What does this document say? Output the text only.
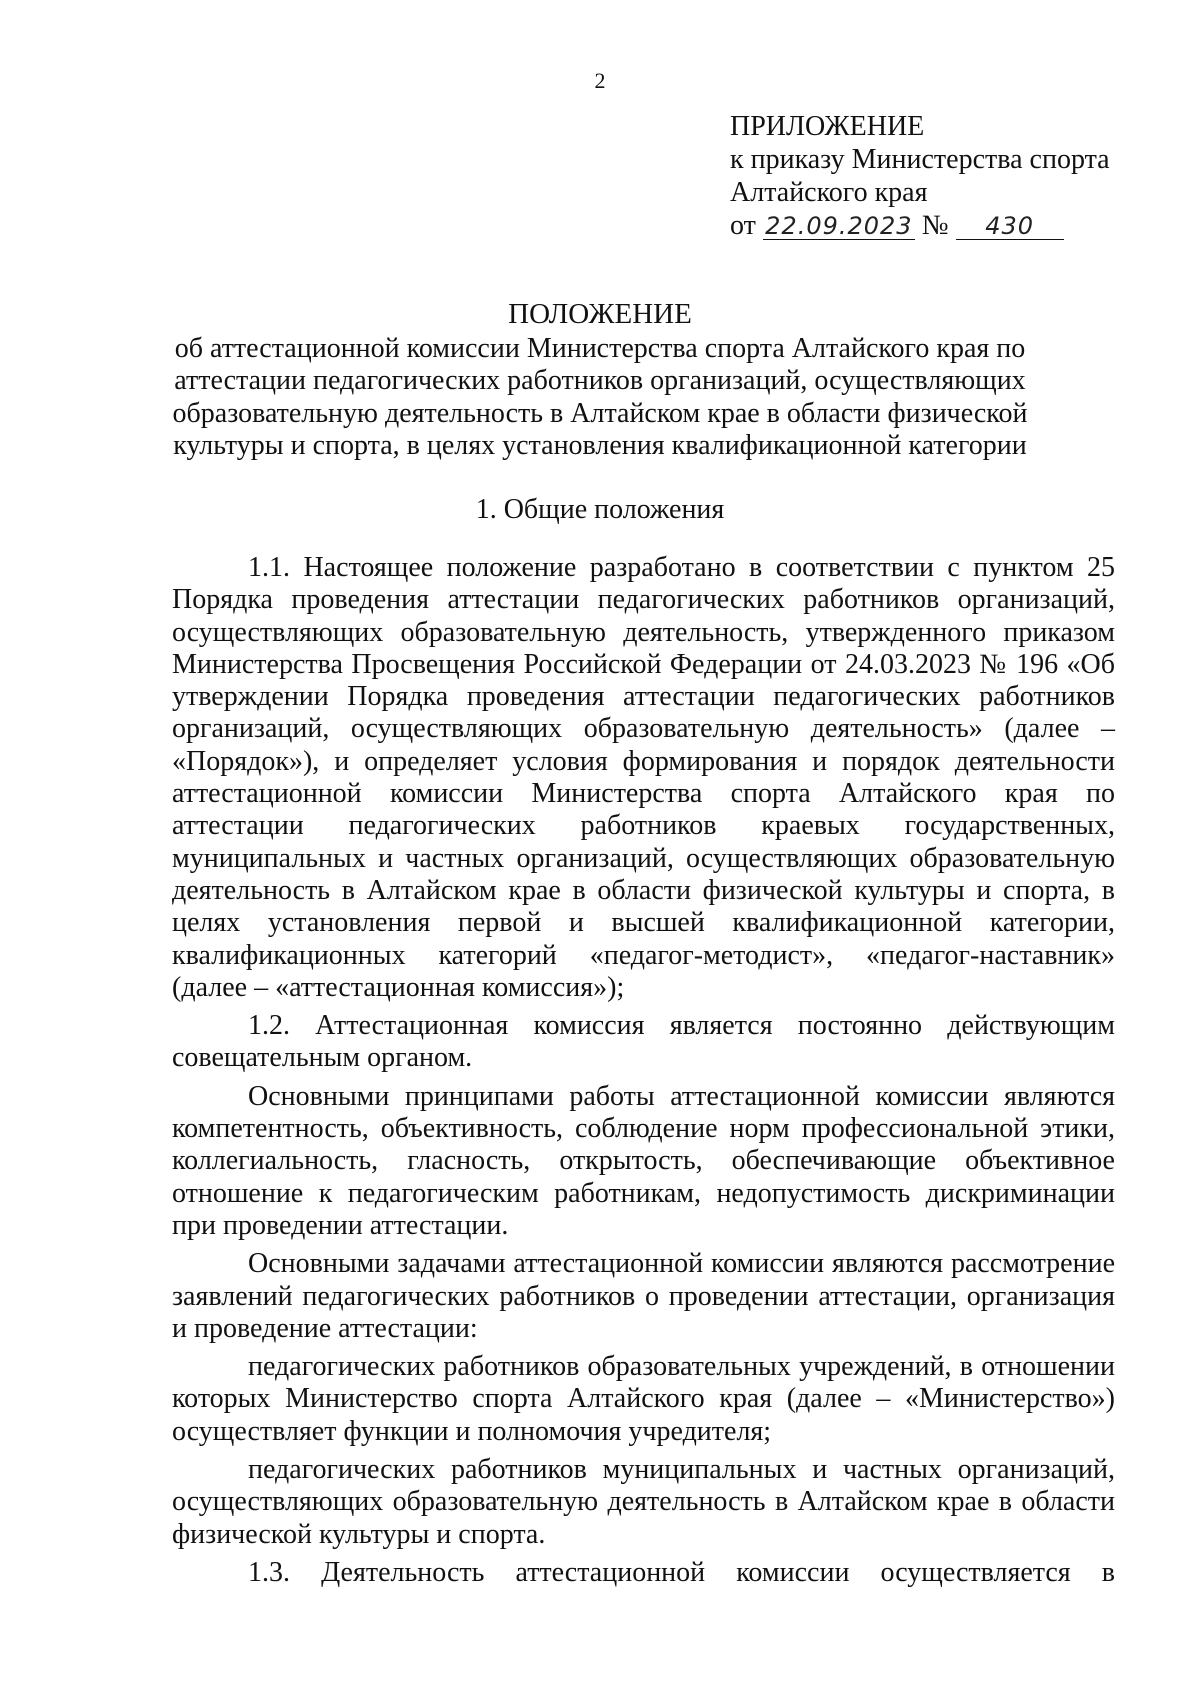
2
ПРИЛОЖЕНИЕ
к приказу Министерства спорта
Алтайского края
от 22.09.2023 № 430
ПОЛОЖЕНИЕ
об аттестационной комиссии Министерства спорта Алтайского края по
аттестации педагогических работников организаций, осуществляющих
образовательную деятельность в Алтайском крае в области физической
культуры и спорта, в целях установления квалификационной категории
1. Общие положения

1.1. Настоящее положение разработано в соответствии с пунктом 25 Порядка проведения аттестации педагогических работников организаций, осуществляющих образовательную деятельность, утвержденного приказом Министерства Просвещения Российской Федерации от 24.03.2023 № 196 «Об утверждении Порядка проведения аттестации педагогических работников организаций, осуществляющих образовательную деятельность» (далее – «Порядок»), и определяет условия формирования и порядок деятельности аттестационной комиссии Министерства спорта Алтайского края по аттестации педагогических работников краевых государственных, муниципальных и частных организаций, осуществляющих образовательную деятельность в Алтайском крае в области физической культуры и спорта, в целях установления первой и высшей квалификационной категории, квалификационных категорий «педагог-методист», «педагог-наставник» (далее – «аттестационная комиссия»);

1.2. Аттестационная комиссия является постоянно действующим совещательным органом.

Основными принципами работы аттестационной комиссии являются компетентность, объективность, соблюдение норм профессиональной этики, коллегиальность, гласность, открытость, обеспечивающие объективное отношение к педагогическим работникам, недопустимость дискриминации при проведении аттестации.

Основными задачами аттестационной комиссии являются рассмотрение заявлений педагогических работников о проведении аттестации, организация и проведение аттестации:

педагогических работников образовательных учреждений, в отношении которых Министерство спорта Алтайского края (далее – «Министерство») осуществляет функции и полномочия учредителя;

педагогических работников муниципальных и частных организаций, осуществляющих образовательную деятельность в Алтайском крае в области физической культуры и спорта.

1.3. Деятельность аттестационной комиссии осуществляется в
